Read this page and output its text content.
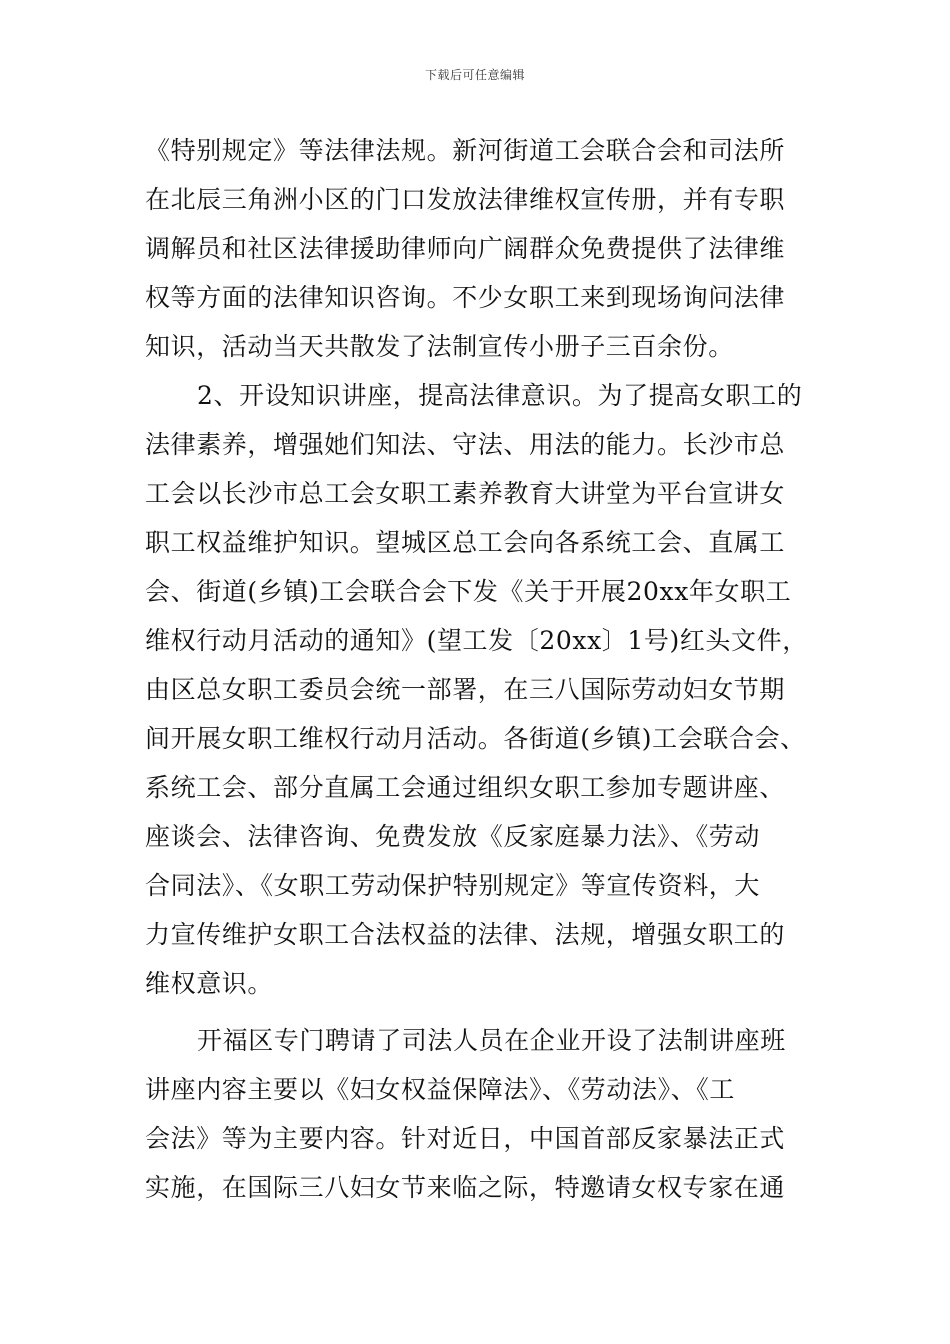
下载后可任意编辑
《特别规定》等法律法规。新河街道工会联合会和司法所
在北辰三角洲小区的门口发放法律维权宣传册，并有专职
调解员和社区法律援助律师向广阔群众免费提供了法律维
权等方面的法律知识咨询。不少女职工来到现场询问法律
知识，活动当天共散发了法制宣传小册子三百余份。
2、开设知识讲座，提高法律意识。为了提高女职工的
法律素养，增强她们知法、守法、用法的能力。长沙市总
工会以长沙市总工会女职工素养教育大讲堂为平台宣讲女
职工权益维护知识。望城区总工会向各系统工会、直属工
会、街道(乡镇)工会联合会下发《关于开展20xx年女职工
维权行动月活动的通知》(望工发〔20xx〕1号)红头文件，
由区总女职工委员会统一部署，在三八国际劳动妇女节期
间开展女职工维权行动月活动。各街道(乡镇)工会联合会、
系统工会、部分直属工会通过组织女职工参加专题讲座、
座谈会、法律咨询、免费发放《反家庭暴力法》、《劳动
合同法》、《女职工劳动保护特别规定》等宣传资料，大
力宣传维护女职工合法权益的法律、法规，增强女职工的
维权意识。
开福区专门聘请了司法人员在企业开设了法制讲座班
讲座内容主要以《妇女权益保障法》、《劳动法》、《工
会法》等为主要内容。针对近日，中国首部反家暴法正式
实施，在国际三八妇女节来临之际，特邀请女权专家在通
